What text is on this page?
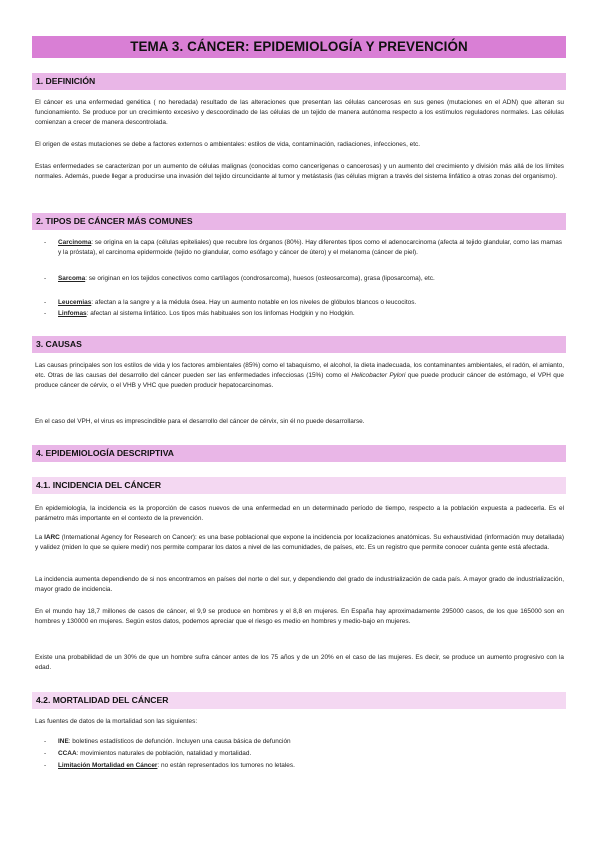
TEMA 3. CÁNCER: EPIDEMIOLOGÍA Y PREVENCIÓN
1. DEFINICIÓN

El cáncer es una enfermedad genética ( no heredada) resultado de las alteraciones que presentan las células cancerosas en sus genes (mutaciones en el ADN) que alteran su funcionamiento. Se produce por un crecimiento excesivo y descoordinado de las células de un tejido de manera autónoma respecto a los estímulos reguladores normales. Las células comienzan a crecer de manera descontrolada.

El origen de estas mutaciones se debe a factores externos o ambientales: estilos de vida, contaminación, radiaciones, infecciones, etc.

Estas enfermedades se caracterizan por un aumento de células malignas (conocidas como cancerígenas o cancerosas) y un aumento del crecimiento y división más allá de los límites normales. Además, puede llegar a producirse una invasión del tejido circuncidante al tumor y metástasis (las células migran a través del sistema linfático a otras zonas del organismo).

2. TIPOS DE CÁNCER MÁS COMUNES
- Carcinoma: se origina en la capa (células epiteliales) que recubre los órganos (80%). Hay diferentes tipos como el adenocarcinoma (afecta al tejido glandular, como las mamas y la próstata), el carcinoma epidermoide (tejido no glandular, como esófago y cáncer de útero) y el melanoma (cáncer de piel).
- Sarcoma: se originan en los tejidos conectivos como cartílagos (condrosarcoma), huesos (osteosarcoma), grasa (liposarcoma), etc.
- Leucemias: afectan a la sangre y a la médula ósea. Hay un aumento notable en los niveles de glóbulos blancos o leucocitos.
- Linfomas: afectan al sistema linfático. Los tipos más habituales son los linfomas Hodgkin y no Hodgkin.
3. CAUSAS

Las causas principales son los estilos de vida y los factores ambientales (85%) como el tabaquismo, el alcohol, la dieta inadecuada, los contaminantes ambientales, el radón, el amianto, etc. Otras de las causas del desarrollo del cáncer pueden ser las enfermedades infecciosas (15%) como el Helicobacter Pylori que puede producir cáncer de estómago, el VPH que produce cáncer de cérvix, o el VHB y VHC que pueden producir hepatocarcinomas.

En el caso del VPH, el virus es imprescindible para el desarrollo del cáncer de cérvix, sin él no puede desarrollarse.

4. EPIDEMIOLOGÍA DESCRIPTIVA
4.1. INCIDENCIA DEL CÁNCER

En epidemiología, la incidencia es la proporción de casos nuevos de una enfermedad en un determinado período de tiempo, respecto a la población expuesta a padecerla. Es el parámetro más importante en el contexto de la prevención.

La IARC (International Agency for Research on Cancer): es una base poblacional que expone la incidencia por localizaciones anatómicas. Su exhaustividad (información muy detallada) y validez (miden lo que se quiere medir) nos permite comparar los datos a nivel de las comunidades, de países, etc. Es un registro que permite conocer cuánta gente está afectada.

La incidencia aumenta dependiendo de si nos encontramos en países del norte o del sur, y dependiendo del grado de industrialización de cada país. A mayor grado de industrialización, mayor grado de incidencia.

En el mundo hay 18,7 millones de casos de cáncer, el 9,9 se produce en hombres y el 8,8 en mujeres. En España hay aproximadamente 295000 casos, de los que 165000 son en hombres y 130000 en mujeres. Según estos datos, podemos apreciar que el riesgo es medio en hombres y medio-bajo en mujeres.

Existe una probabilidad de un 30% de que un hombre sufra cáncer antes de los 75 años y de un 20% en el caso de las mujeres. Es decir, se produce un aumento progresivo con la edad.

4.2. MORTALIDAD DEL CÁNCER

Las fuentes de datos de la mortalidad son las siguientes:

- INE: boletines estadísticos de defunción. Incluyen una causa básica de defunción
- CCAA: movimientos naturales de población, natalidad y mortalidad.
- Limitación Mortalidad en Cáncer: no están representados los tumores no letales.
